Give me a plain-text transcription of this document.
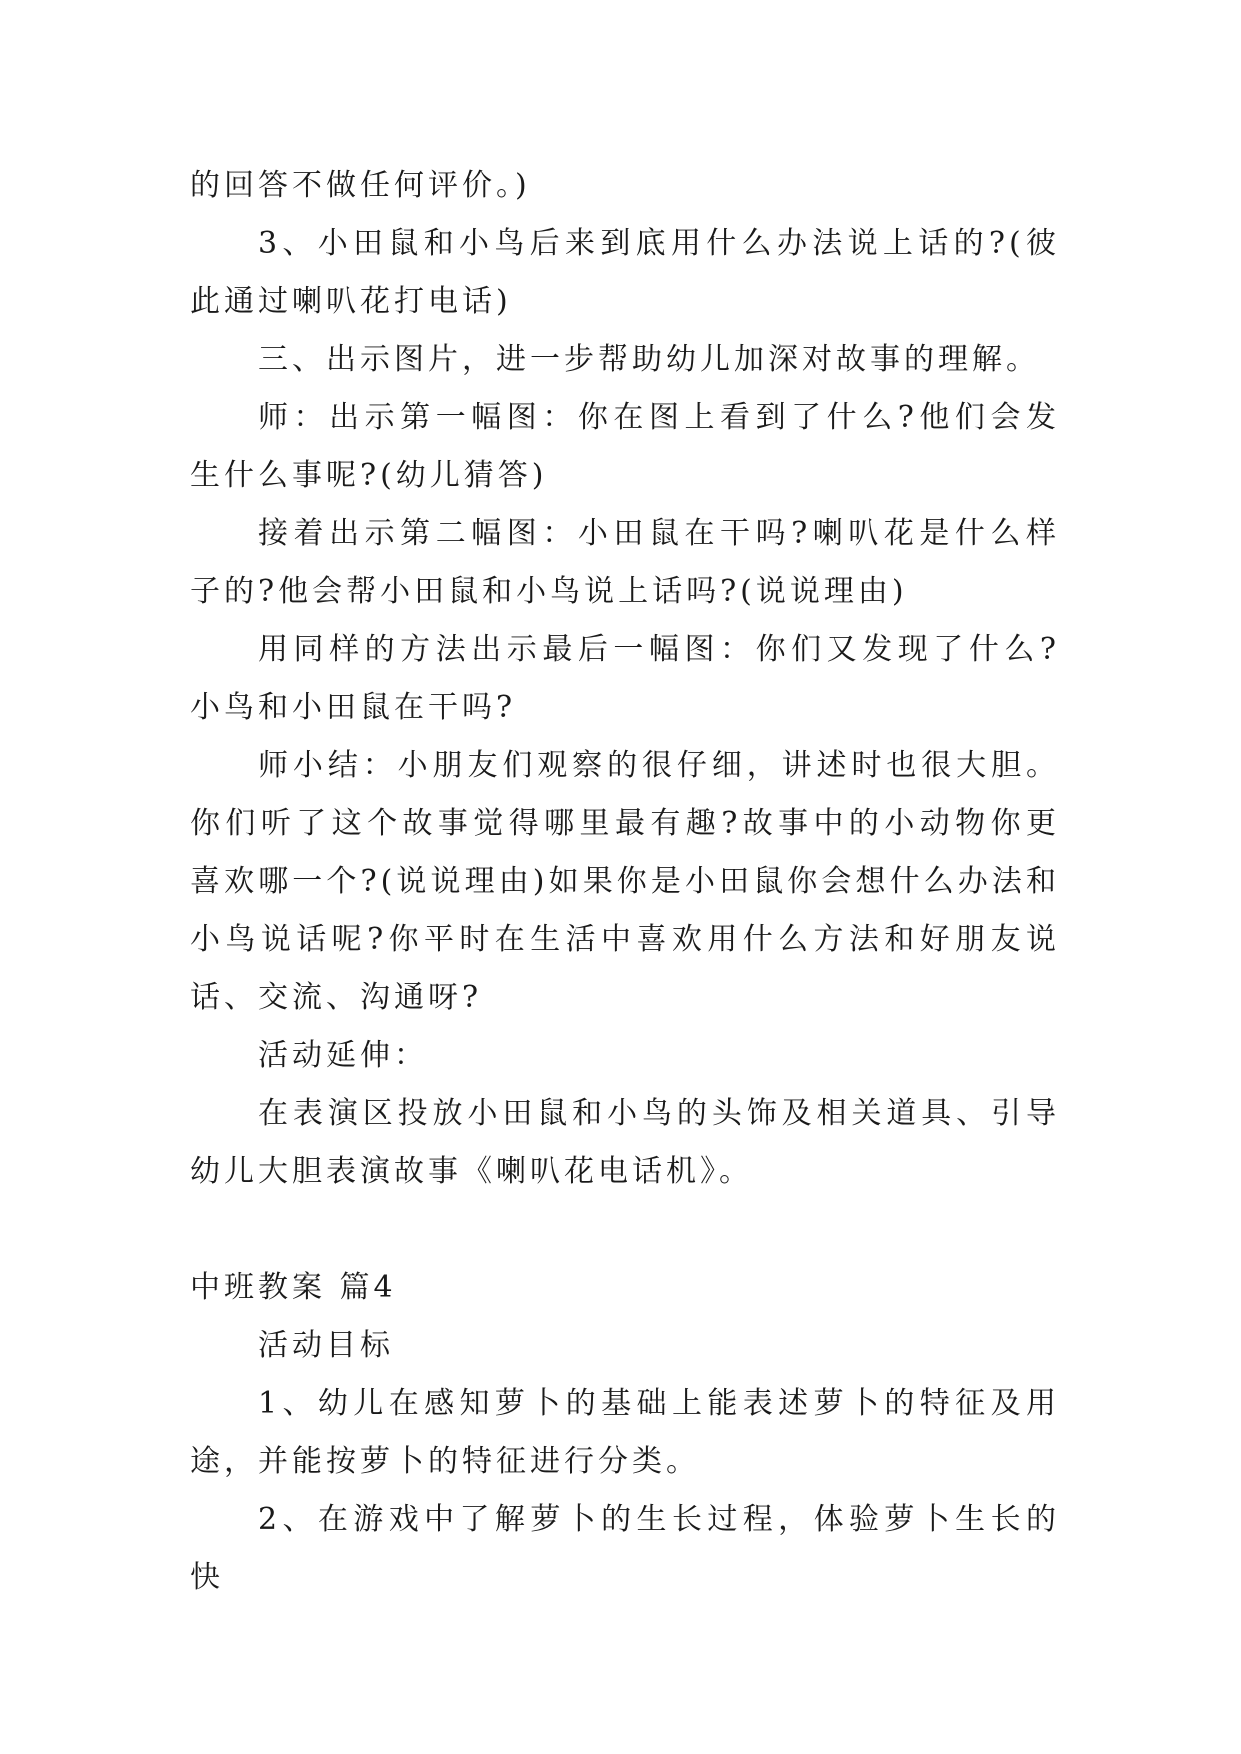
的回答不做任何评价。)

3、小田鼠和小鸟后来到底用什么办法说上话的?(彼此通过喇叭花打电话)

三、出示图片，进一步帮助幼儿加深对故事的理解。

师：出示第一幅图：你在图上看到了什么?他们会发生什么事呢?(幼儿猜答)

接着出示第二幅图：小田鼠在干吗?喇叭花是什么样子的?他会帮小田鼠和小鸟说上话吗?(说说理由)

用同样的方法出示最后一幅图：你们又发现了什么?小鸟和小田鼠在干吗?

师小结：小朋友们观察的很仔细，讲述时也很大胆。你们听了这个故事觉得哪里最有趣?故事中的小动物你更喜欢哪一个?(说说理由)如果你是小田鼠你会想什么办法和小鸟说话呢?你平时在生活中喜欢用什么方法和好朋友说话、交流、沟通呀?

活动延伸：

在表演区投放小田鼠和小鸟的头饰及相关道具、引导幼儿大胆表演故事《喇叭花电话机》。

中班教案 篇4

活动目标

1、幼儿在感知萝卜的基础上能表述萝卜的特征及用途，并能按萝卜的特征进行分类。

2、在游戏中了解萝卜的生长过程，体验萝卜生长的快
